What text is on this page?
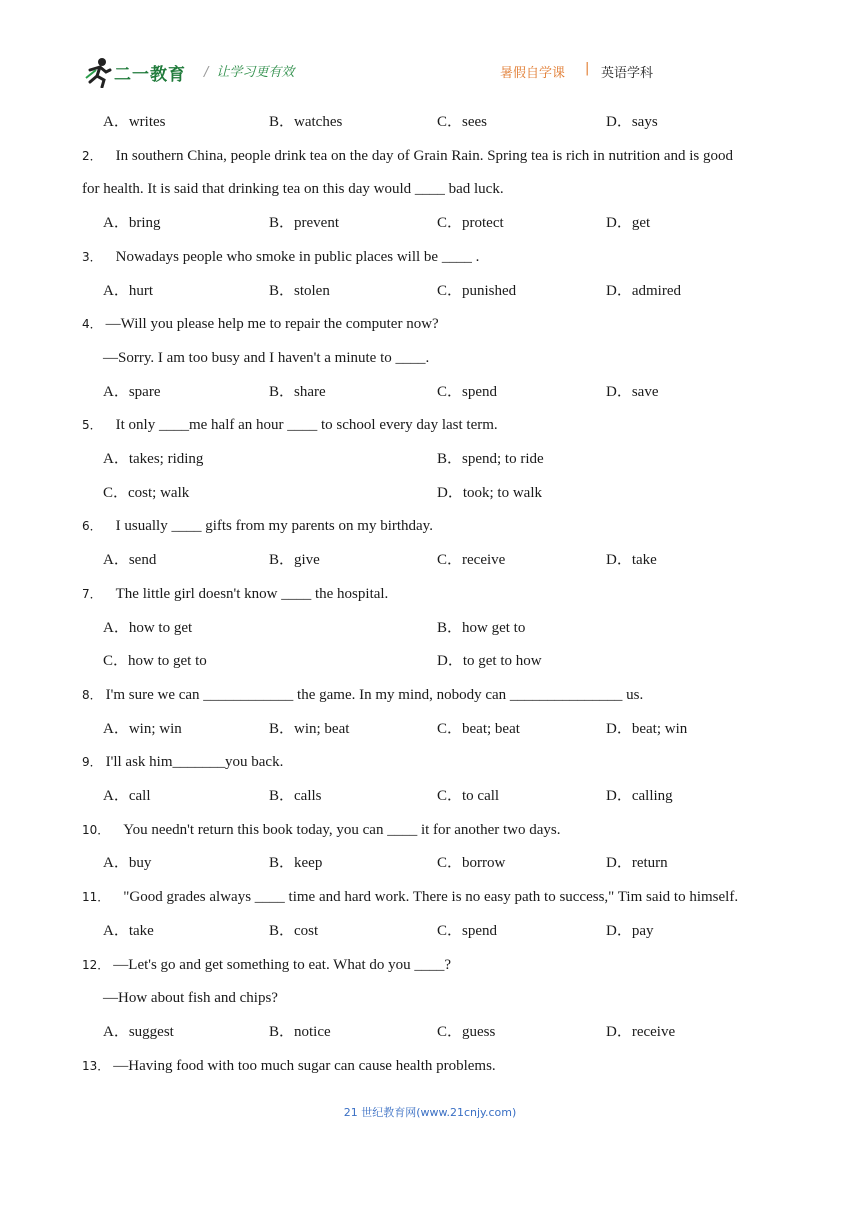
二一教育 / 让学习更有效	暑假自学课 | 英语学科
A．writes	B．watches	C．sees	D．says
2． In southern China, people drink tea on the day of Grain Rain. Spring tea is rich in nutrition and is good
for health. It is said that drinking tea on this day would ____ bad luck.
A．bring	B．prevent	C．protect	D．get
3． Nowadays people who smoke in public places will be ____ .
A．hurt	B．stolen	C．punished	D．admired
4． —Will you please help me to repair the computer now?
—Sorry. I am too busy and I haven't a minute to ____.
A．spare	B．share	C．spend	D．save
5． It only ____me half an hour ____ to school every day last term.
A．takes; riding	B．spend; to ride
C．cost; walk	D．took; to walk
6． I usually ____ gifts from my parents on my birthday.
A．send	B．give	C．receive	D．take
7． The little girl doesn't know ____ the hospital.
A．how to get	B．how get to
C．how to get to	D．to get to how
8． I'm sure we can ____________ the game. In my mind, nobody can _______________ us.
A．win; win	B．win; beat	C．beat; beat	D．beat; win
9． I'll ask him_______you back.
A．call	B．calls	C．to call	D．calling
10． You needn't return this book today, you can ____ it for another two days.
A．buy	B．keep	C．borrow	D．return
11． "Good grades always ____ time and hard work. There is no easy path to success," Tim said to himself.
A．take	B．cost	C．spend	D．pay
12． —Let's go and get something to eat. What do you ____?
—How about fish and chips?
A．suggest	B．notice	C．guess	D．receive
13． —Having food with too much sugar can cause health problems.
21 世纪教育网(www.21cnjy.com)
